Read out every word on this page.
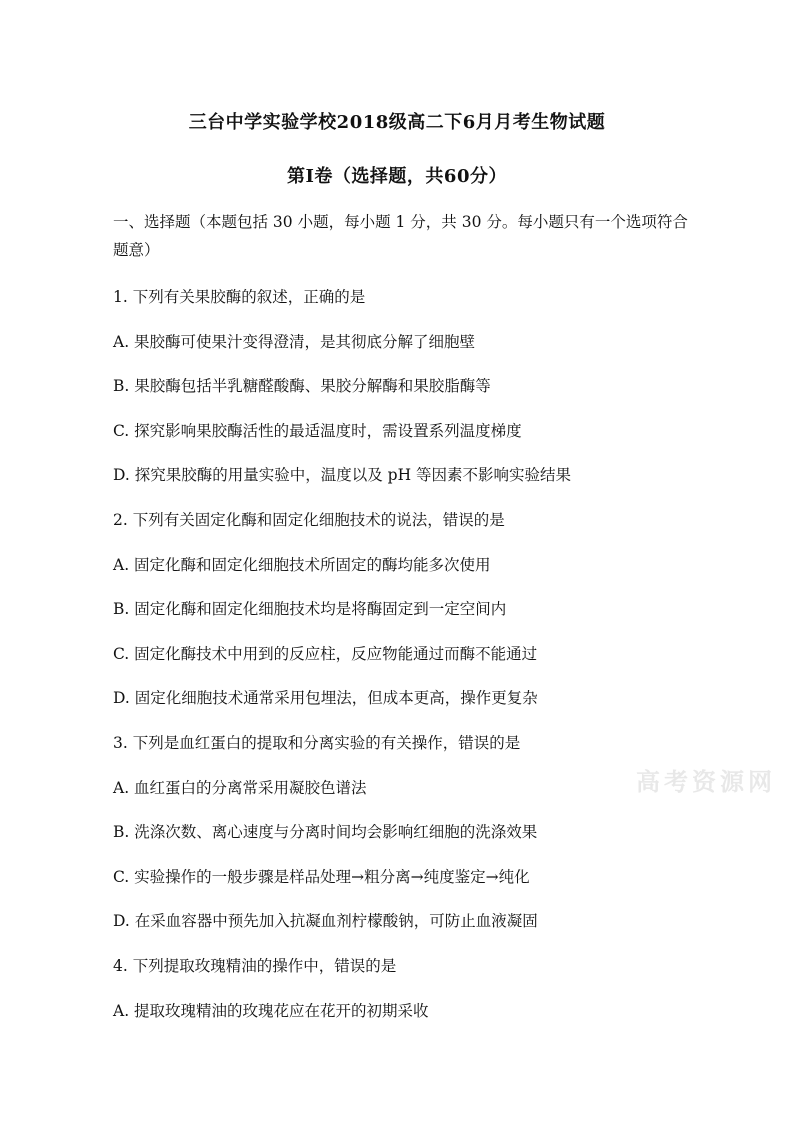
三台中学实验学校2018级高二下6月月考生物试题
第Ⅰ卷（选择题，共60分）
一、选择题（本题包括 30 小题，每小题 1 分，共 30 分。每小题只有一个选项符合题意）
1. 下列有关果胶酶的叙述，正确的是
A. 果胶酶可使果汁变得澄清，是其彻底分解了细胞壁
B. 果胶酶包括半乳糖醛酸酶、果胶分解酶和果胶脂酶等
C. 探究影响果胶酶活性的最适温度时，需设置系列温度梯度
D. 探究果胶酶的用量实验中，温度以及 pH 等因素不影响实验结果
2. 下列有关固定化酶和固定化细胞技术的说法，错误的是
A. 固定化酶和固定化细胞技术所固定的酶均能多次使用
B. 固定化酶和固定化细胞技术均是将酶固定到一定空间内
C. 固定化酶技术中用到的反应柱，反应物能通过而酶不能通过
D. 固定化细胞技术通常采用包埋法，但成本更高，操作更复杂
3. 下列是血红蛋白的提取和分离实验的有关操作，错误的是
A. 血红蛋白的分离常采用凝胶色谱法
B. 洗涤次数、离心速度与分离时间均会影响红细胞的洗涤效果
C. 实验操作的一般步骤是样品处理→粗分离→纯度鉴定→纯化
D. 在采血容器中预先加入抗凝血剂柠檬酸钠，可防止血液凝固
4. 下列提取玫瑰精油的操作中，错误的是
A. 提取玫瑰精油的玫瑰花应在花开的初期采收
高考资源网
